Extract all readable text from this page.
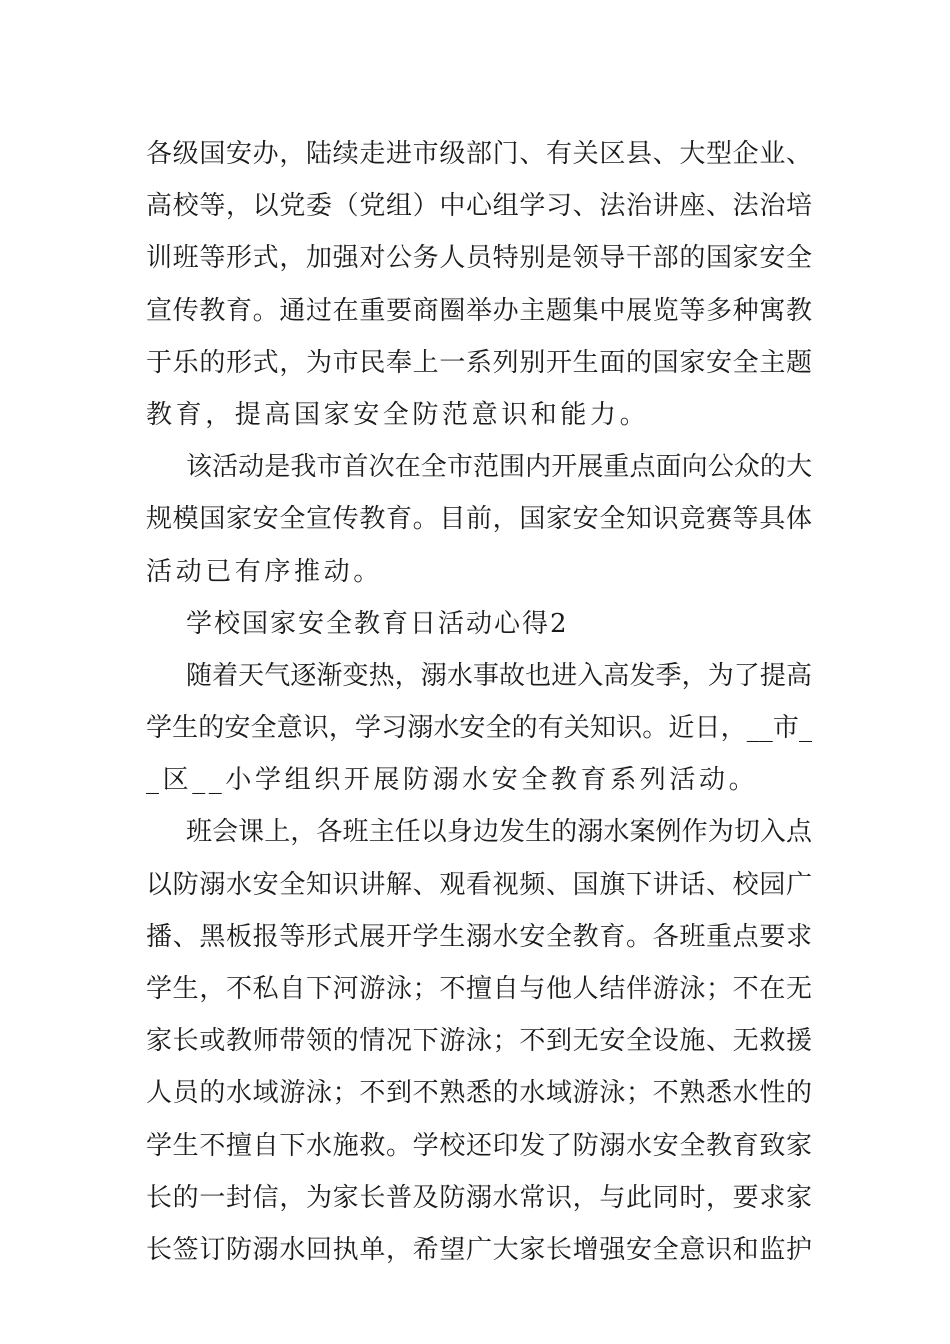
各级国安办，陆续走进市级部门、有关区县、大型企业、
高校等，以党委（党组）中心组学习、法治讲座、法治培
训班等形式，加强对公务人员特别是领导干部的国家安全
宣传教育。通过在重要商圈举办主题集中展览等多种寓教
于乐的形式，为市民奉上一系列别开生面的国家安全主题
教育，提高国家安全防范意识和能力。
该活动是我市首次在全市范围内开展重点面向公众的大
规模国家安全宣传教育。目前，国家安全知识竞赛等具体
活动已有序推动。
学校国家安全教育日活动心得2
随着天气逐渐变热，溺水事故也进入高发季，为了提高
学生的安全意识，学习溺水安全的有关知识。近日，__市_
_区__小学组织开展防溺水安全教育系列活动。
班会课上，各班主任以身边发生的溺水案例作为切入点
以防溺水安全知识讲解、观看视频、国旗下讲话、校园广
播、黑板报等形式展开学生溺水安全教育。各班重点要求
学生，不私自下河游泳；不擅自与他人结伴游泳；不在无
家长或教师带领的情况下游泳；不到无安全设施、无救援
人员的水域游泳；不到不熟悉的水域游泳；不熟悉水性的
学生不擅自下水施救。学校还印发了防溺水安全教育致家
长的一封信，为家长普及防溺水常识，与此同时，要求家
长签订防溺水回执单，希望广大家长增强安全意识和监护
